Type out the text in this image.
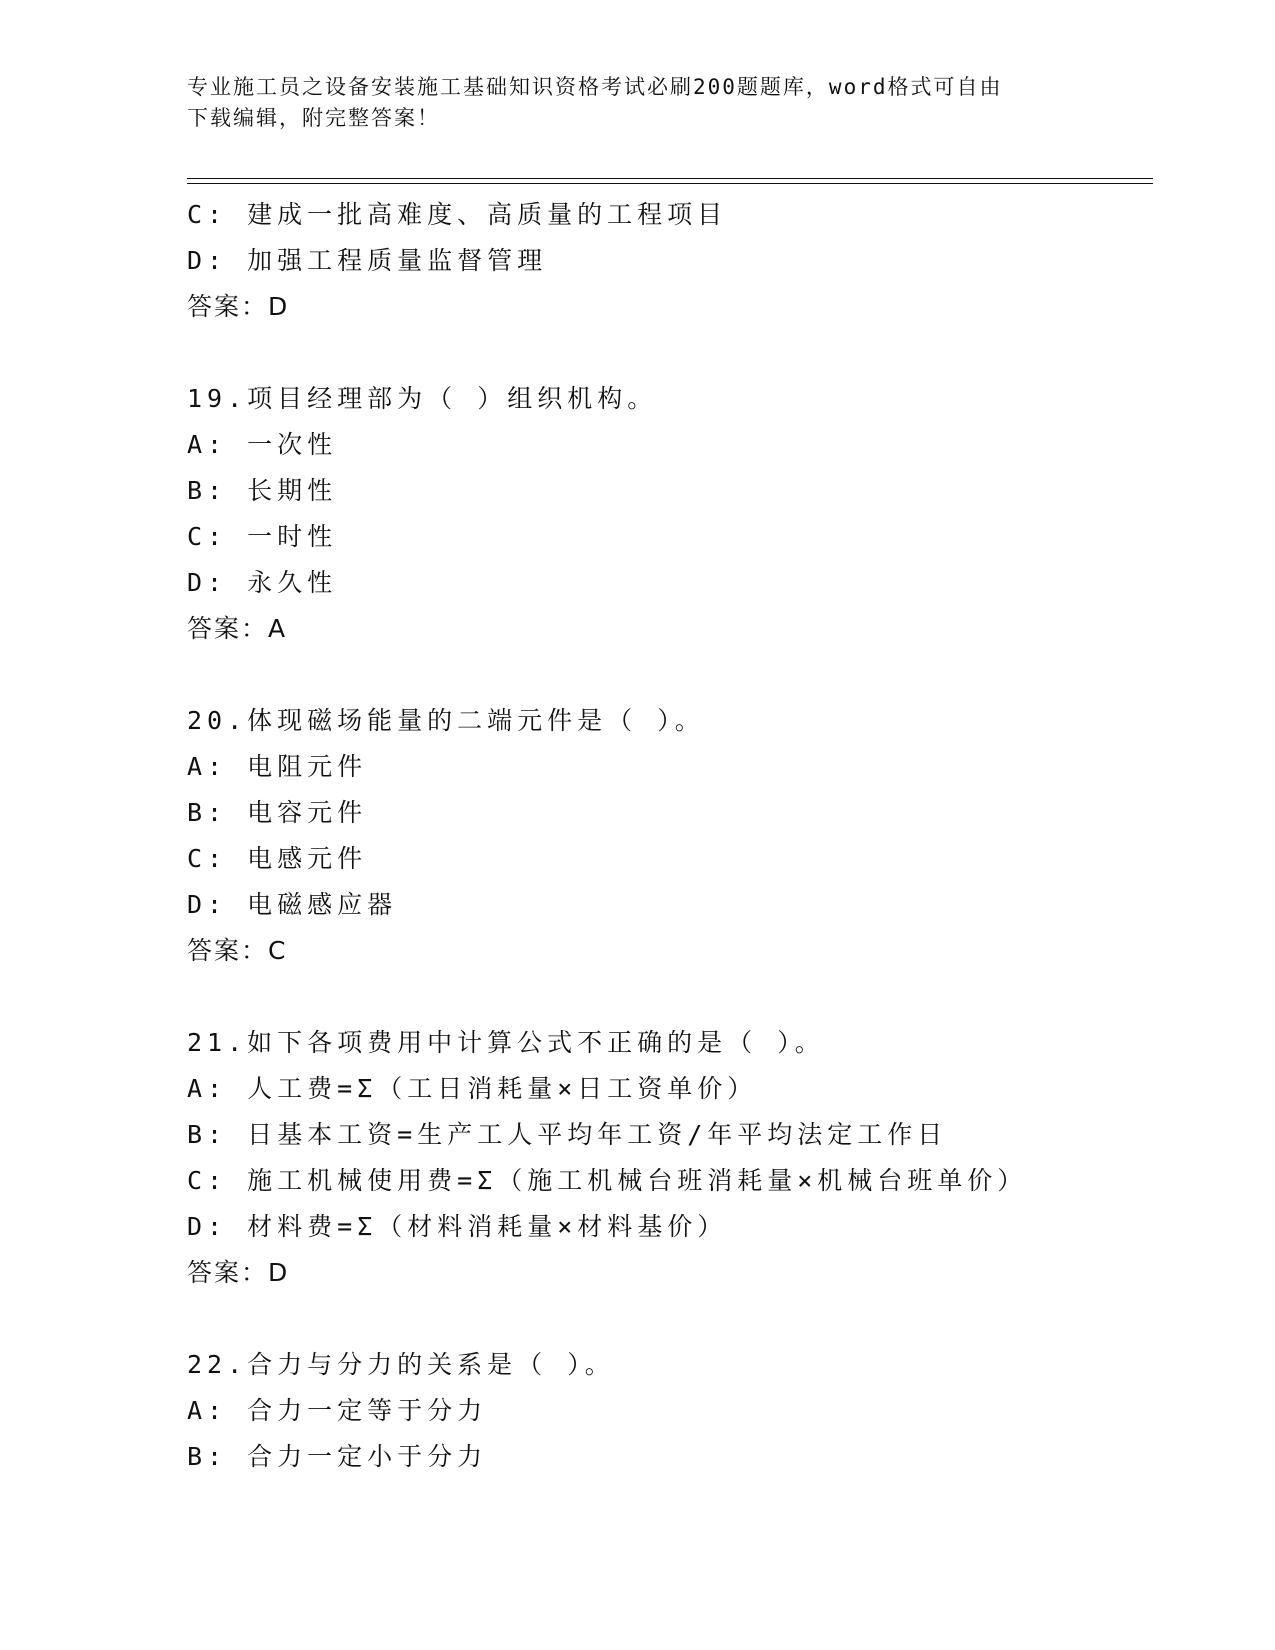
专业施工员之设备安装施工基础知识资格考试必刷200题题库，word格式可自由
下载编辑，附完整答案！
C: 建成一批高难度、高质量的工程项目
D: 加强工程质量监督管理
答案：D
19.项目经理部为（ ）组织机构。
A: 一次性
B: 长期性
C: 一时性
D: 永久性
答案：A
20.体现磁场能量的二端元件是（ ）。
A: 电阻元件
B: 电容元件
C: 电感元件
D: 电磁感应器
答案：C
21.如下各项费用中计算公式不正确的是（ ）。
A: 人工费=Σ（工日消耗量×日工资单价）
B: 日基本工资=生产工人平均年工资/年平均法定工作日
C: 施工机械使用费=Σ（施工机械台班消耗量×机械台班单价）
D: 材料费=Σ（材料消耗量×材料基价）
答案：D
22.合力与分力的关系是（ ）。
A: 合力一定等于分力
B: 合力一定小于分力
